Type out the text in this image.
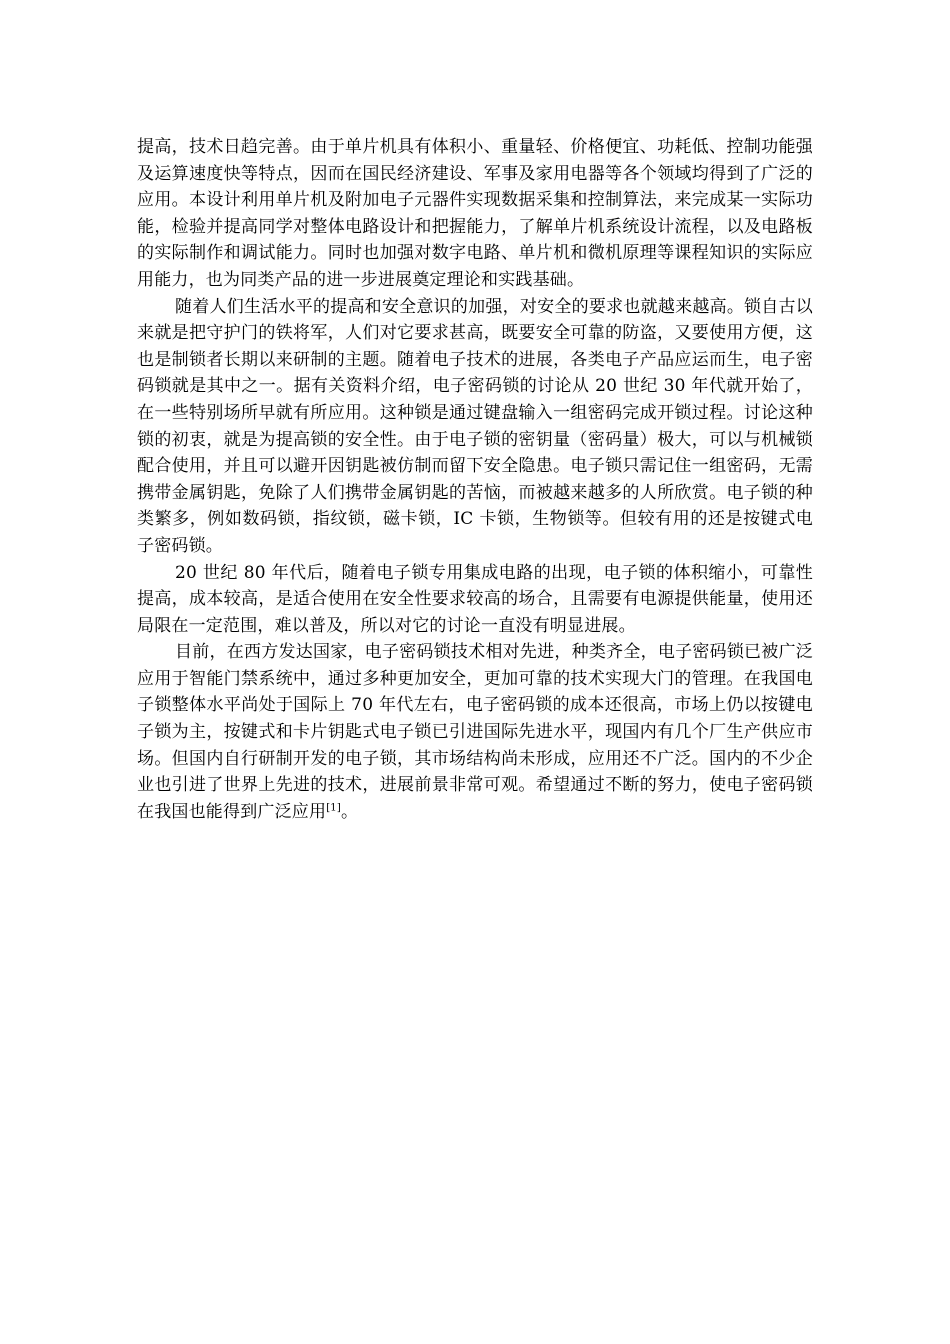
提高，技术日趋完善。由于单片机具有体积小、重量轻、价格便宜、功耗低、控制功能强及运算速度快等特点，因而在国民经济建设、军事及家用电器等各个领域均得到了广泛的应用。本设计利用单片机及附加电子元器件实现数据采集和控制算法，来完成某一实际功能，检验并提高同学对整体电路设计和把握能力，了解单片机系统设计流程，以及电路板的实际制作和调试能力。同时也加强对数字电路、单片机和微机原理等课程知识的实际应用能力，也为同类产品的进一步进展奠定理论和实践基础。

随着人们生活水平的提高和安全意识的加强，对安全的要求也就越来越高。锁自古以来就是把守护门的铁将军，人们对它要求甚高，既要安全可靠的防盗，又要使用方便，这也是制锁者长期以来研制的主题。随着电子技术的进展，各类电子产品应运而生，电子密码锁就是其中之一。据有关资料介绍，电子密码锁的讨论从 20 世纪 30 年代就开始了，在一些特别场所早就有所应用。这种锁是通过键盘输入一组密码完成开锁过程。讨论这种锁的初衷，就是为提高锁的安全性。由于电子锁的密钥量（密码量）极大，可以与机械锁配合使用，并且可以避开因钥匙被仿制而留下安全隐患。电子锁只需记住一组密码，无需携带金属钥匙，免除了人们携带金属钥匙的苦恼，而被越来越多的人所欣赏。电子锁的种类繁多，例如数码锁，指纹锁，磁卡锁，IC 卡锁，生物锁等。但较有用的还是按键式电子密码锁。

20 世纪 80 年代后，随着电子锁专用集成电路的出现，电子锁的体积缩小，可靠性提高，成本较高，是适合使用在安全性要求较高的场合，且需要有电源提供能量，使用还局限在一定范围，难以普及，所以对它的讨论一直没有明显进展。

目前，在西方发达国家，电子密码锁技术相对先进，种类齐全，电子密码锁已被广泛应用于智能门禁系统中，通过多种更加安全，更加可靠的技术实现大门的管理。在我国电子锁整体水平尚处于国际上 70 年代左右，电子密码锁的成本还很高，市场上仍以按键电子锁为主，按键式和卡片钥匙式电子锁已引进国际先进水平，现国内有几个厂生产供应市场。但国内自行研制开发的电子锁，其市场结构尚未形成，应用还不广泛。国内的不少企业也引进了世界上先进的技术，进展前景非常可观。希望通过不断的努力，使电子密码锁在我国也能得到广泛应用[1]。
